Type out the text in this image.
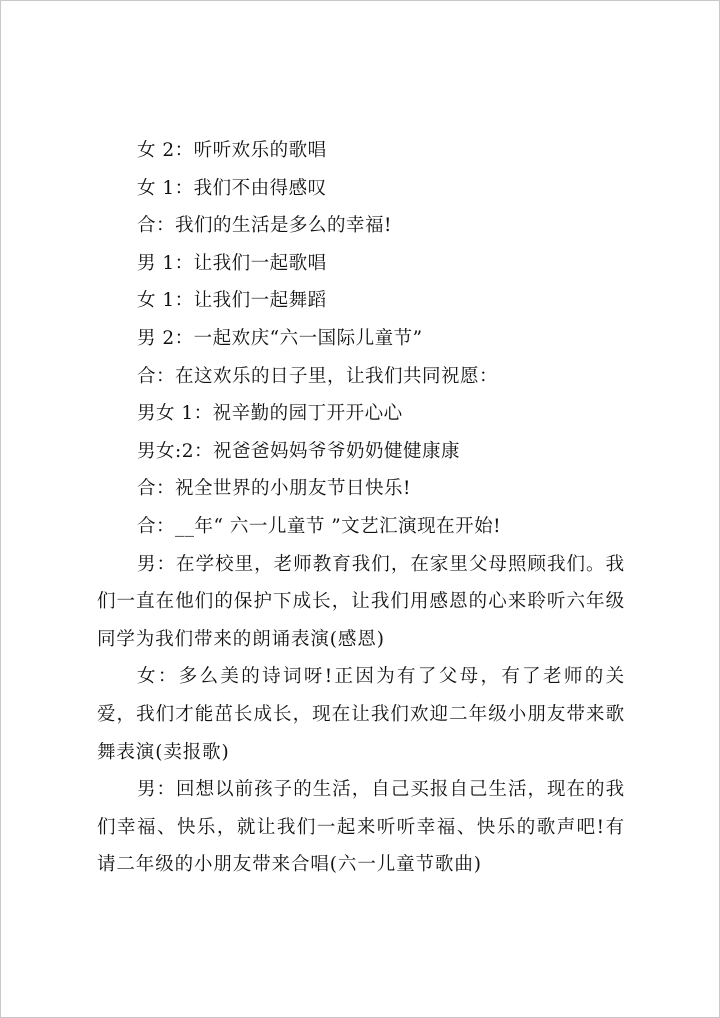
女 2：听听欢乐的歌唱
女 1：我们不由得感叹
合：我们的生活是多么的幸福!
男 1：让我们一起歌唱
女 1：让我们一起舞蹈
男 2：一起欢庆“六一国际儿童节”
合：在这欢乐的日子里，让我们共同祝愿：
男女 1：祝辛勤的园丁开开心心
男女:2：祝爸爸妈妈爷爷奶奶健健康康
合：祝全世界的小朋友节日快乐!
合：__年“ 六一儿童节 ”文艺汇演现在开始!
男：在学校里，老师教育我们，在家里父母照顾我们。我们一直在他们的保护下成长，让我们用感恩的心来聆听六年级同学为我们带来的朗诵表演(感恩)
女：多么美的诗词呀!正因为有了父母，有了老师的关爱，我们才能茁长成长，现在让我们欢迎二年级小朋友带来歌舞表演(卖报歌)
男：回想以前孩子的生活，自己买报自己生活，现在的我们幸福、快乐，就让我们一起来听听幸福、快乐的歌声吧!有请二年级的小朋友带来合唱(六一儿童节歌曲)
